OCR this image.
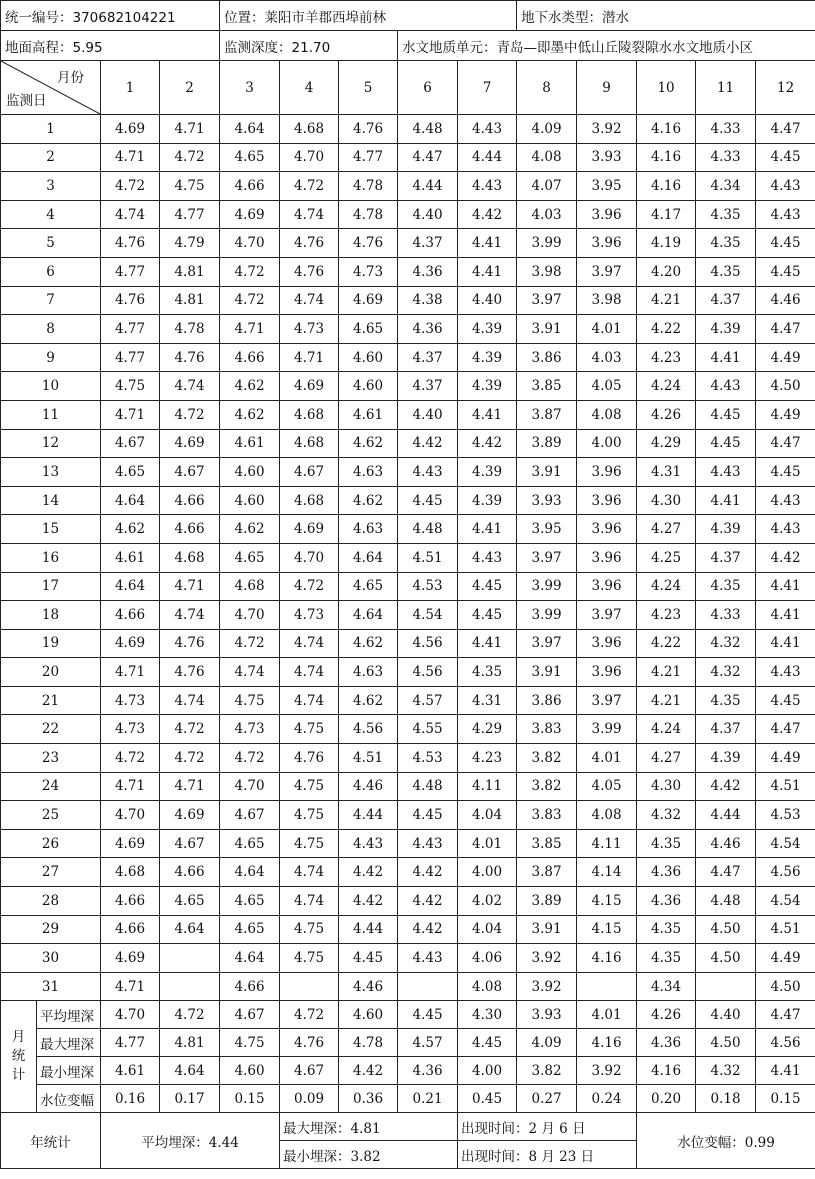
统一编号：370682104221				位置：莱阳市羊郡西埠前林					地下水类型：潜水				
地面高程：5.95				监测深度：21.70			水文地质单元：青岛—即墨中低山丘陵裂隙水水文地质小区						

月份
监测日		1	2	3	4	5	6	7	8	9	10	11	12
1		4.69	4.71	4.64	4.68	4.76	4.48	4.43	4.09	3.92	4.16	4.33	4.47
2		4.71	4.72	4.65	4.70	4.77	4.47	4.44	4.08	3.93	4.16	4.33	4.45
3		4.72	4.75	4.66	4.72	4.78	4.44	4.43	4.07	3.95	4.16	4.34	4.43
4		4.74	4.77	4.69	4.74	4.78	4.40	4.42	4.03	3.96	4.17	4.35	4.43
5		4.76	4.79	4.70	4.76	4.76	4.37	4.41	3.99	3.96	4.19	4.35	4.45
6		4.77	4.81	4.72	4.76	4.73	4.36	4.41	3.98	3.97	4.20	4.35	4.45
7		4.76	4.81	4.72	4.74	4.69	4.38	4.40	3.97	3.98	4.21	4.37	4.46
8		4.77	4.78	4.71	4.73	4.65	4.36	4.39	3.91	4.01	4.22	4.39	4.47
9		4.77	4.76	4.66	4.71	4.60	4.37	4.39	3.86	4.03	4.23	4.41	4.49
10		4.75	4.74	4.62	4.69	4.60	4.37	4.39	3.85	4.05	4.24	4.43	4.50
11		4.71	4.72	4.62	4.68	4.61	4.40	4.41	3.87	4.08	4.26	4.45	4.49
12		4.67	4.69	4.61	4.68	4.62	4.42	4.42	3.89	4.00	4.29	4.45	4.47
13		4.65	4.67	4.60	4.67	4.63	4.43	4.39	3.91	3.96	4.31	4.43	4.45
14		4.64	4.66	4.60	4.68	4.62	4.45	4.39	3.93	3.96	4.30	4.41	4.43
15		4.62	4.66	4.62	4.69	4.63	4.48	4.41	3.95	3.96	4.27	4.39	4.43
16		4.61	4.68	4.65	4.70	4.64	4.51	4.43	3.97	3.96	4.25	4.37	4.42
17		4.64	4.71	4.68	4.72	4.65	4.53	4.45	3.99	3.96	4.24	4.35	4.41
18		4.66	4.74	4.70	4.73	4.64	4.54	4.45	3.99	3.97	4.23	4.33	4.41
19		4.69	4.76	4.72	4.74	4.62	4.56	4.41	3.97	3.96	4.22	4.32	4.41
20		4.71	4.76	4.74	4.74	4.63	4.56	4.35	3.91	3.96	4.21	4.32	4.43
21		4.73	4.74	4.75	4.74	4.62	4.57	4.31	3.86	3.97	4.21	4.35	4.45
22		4.73	4.72	4.73	4.75	4.56	4.55	4.29	3.83	3.99	4.24	4.37	4.47
23		4.72	4.72	4.72	4.76	4.51	4.53	4.23	3.82	4.01	4.27	4.39	4.49
24		4.71	4.71	4.70	4.75	4.46	4.48	4.11	3.82	4.05	4.30	4.42	4.51
25		4.70	4.69	4.67	4.75	4.44	4.45	4.04	3.83	4.08	4.32	4.44	4.53
26		4.69	4.67	4.65	4.75	4.43	4.43	4.01	3.85	4.11	4.35	4.46	4.54
27		4.68	4.66	4.64	4.74	4.42	4.42	4.00	3.87	4.14	4.36	4.47	4.56
28		4.66	4.65	4.65	4.74	4.42	4.42	4.02	3.89	4.15	4.36	4.48	4.54
29		4.66	4.64	4.65	4.75	4.44	4.42	4.04	3.91	4.15	4.35	4.50	4.51
30		4.69		4.64	4.75	4.45	4.43	4.06	3.92	4.16	4.35	4.50	4.49
31		4.71		4.66		4.46		4.08	3.92		4.34		4.50

月
统
计	平均埋深	4.70	4.72	4.67	4.72	4.60	4.45	4.30	3.93	4.01	4.26	4.40	4.47
	最大埋深	4.77	4.81	4.75	4.76	4.78	4.57	4.45	4.09	4.16	4.36	4.50	4.56
	最小埋深	4.61	4.64	4.60	4.67	4.42	4.36	4.00	3.82	3.92	4.16	4.32	4.41
	水位变幅	0.16	0.17	0.15	0.09	0.36	0.21	0.45	0.27	0.24	0.20	0.18	0.15
年统计		平均埋深：4.44			最大埋深：4.81			出现时间：2 月 6 日			水位变幅：0.99		
					最小埋深：3.82			出现时间：8 月 23 日					
